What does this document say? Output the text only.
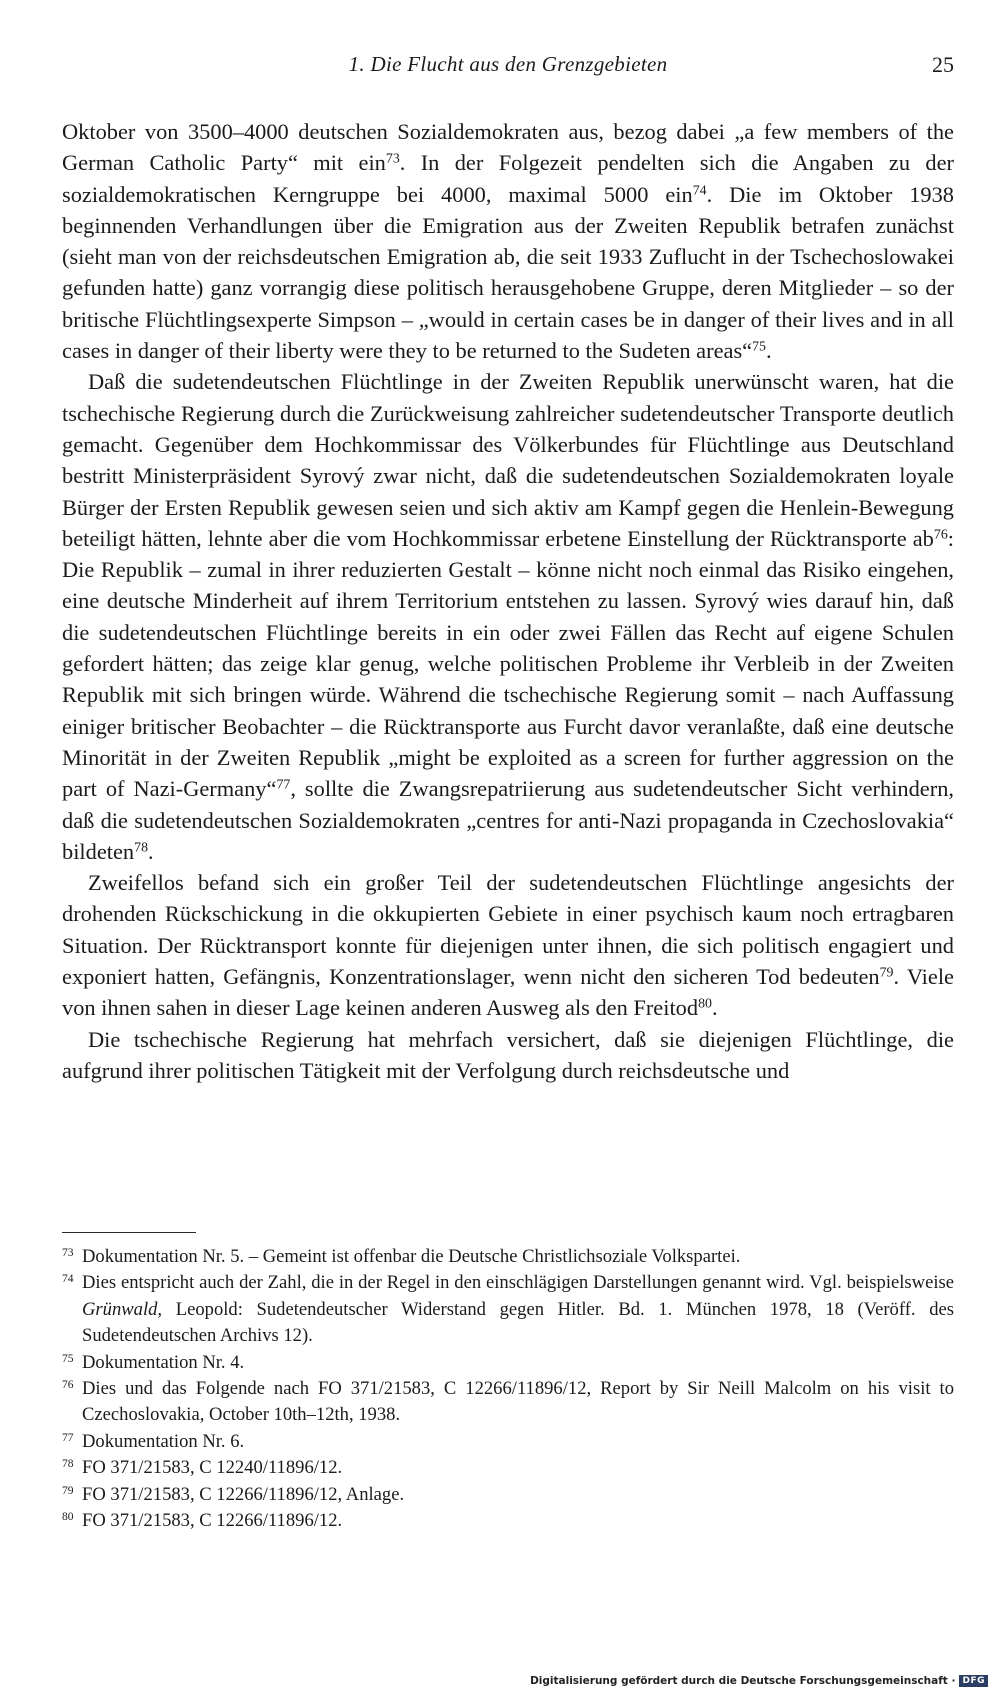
1. Die Flucht aus den Grenzgebieten	25

Oktober von 3500–4000 deutschen Sozialdemokraten aus, bezog dabei „a few members of the German Catholic Party“ mit ein$^{73}$. In der Folgezeit pendelten sich die Angaben zu der sozialdemokratischen Kerngruppe bei 4000, maximal 5000 ein$^{74}$. Die im Oktober 1938 beginnenden Verhandlungen über die Emigration aus der Zweiten Republik betrafen zunächst (sieht man von der reichsdeutschen Emigration ab, die seit 1933 Zuflucht in der Tschechoslowakei gefunden hatte) ganz vorrangig diese politisch herausgehobene Gruppe, deren Mitglieder – so der britische Flüchtlingsexperte Simpson – „would in certain cases be in danger of their lives and in all cases in danger of their liberty were they to be returned to the Sudeten areas“$^{75}$.

Daß die sudetendeutschen Flüchtlinge in der Zweiten Republik unerwünscht waren, hat die tschechische Regierung durch die Zurückweisung zahlreicher sudetendeutscher Transporte deutlich gemacht. Gegenüber dem Hochkommissar des Völkerbundes für Flüchtlinge aus Deutschland bestritt Ministerpräsident Syrový zwar nicht, daß die sudetendeutschen Sozialdemokraten loyale Bürger der Ersten Republik gewesen seien und sich aktiv am Kampf gegen die Henlein-Bewegung beteiligt hätten, lehnte aber die vom Hochkommissar erbetene Einstellung der Rücktransporte $ab^{76}$: Die Republik – zumal in ihrer reduzierten Gestalt – könne nicht noch einmal das Risiko eingehen, eine deutsche Minderheit auf ihrem Territorium entstehen zu lassen. Syrový wies darauf hin, daß die sudetendeutschen Flüchtlinge bereits in ein oder zwei Fällen das Recht auf eigene Schulen gefordert hätten; das zeige klar genug, welche politischen Probleme ihr Verbleib in der Zweiten Republik mit sich bringen würde. Während die tschechische Regierung somit – nach Auffassung einiger britischer Beobachter – die Rücktransporte aus Furcht davor veranlaßte, daß eine deutsche Minorität in der Zweiten Republik „might be exploited as a screen for further aggression on the part of Nazi-Germany“$^{77}$, sollte die Zwangsrepatriierung aus sudetendeutscher Sicht verhindern, daß die sudetendeutschen Sozialdemokraten „centres for anti-Nazi propaganda in Czechoslovakia“ bildeten$^{78}$.

Zweifellos befand sich ein großer Teil der sudetendeutschen Flüchtlinge angesichts der drohenden Rückschickung in die okkupierten Gebiete in einer psychisch kaum noch ertragbaren Situation. Der Rücktransport konnte für diejenigen unter ihnen, die sich politisch engagiert und exponiert hatten, Gefängnis, Konzentrationslager, wenn nicht den sicheren Tod bedeuten$^{79}$. Viele von ihnen sahen in dieser Lage keinen anderen Ausweg als den Freitod$^{80}$.

Die tschechische Regierung hat mehrfach versichert, daß sie diejenigen Flüchtlinge, die aufgrund ihrer politischen Tätigkeit mit der Verfolgung durch reichsdeutsche und

$^{73}$ Dokumentation Nr. 5. – Gemeint ist offenbar die Deutsche Christlichsoziale Volkspartei.

$^{74}$ Dies entspricht auch der Zahl, die in der Regel in den einschlägigen Darstellungen genannt wird. Vgl. beispielsweise Grünwald, Leopold: Sudetendeutscher Widerstand gegen Hitler. Bd. 1. München 1978, 18 (Veröff. des Sudetendeutschen Archivs 12).

$^{75}$ Dokumentation Nr. 4.

$^{76}$ Dies und das Folgende nach FO 371/21583, C 12266/11896/12, Report by Sir Neill Malcolm on his visit to Czechoslovakia, October 10th–12th, 1938.

$^{77}$ Dokumentation Nr. 6.

$^{78}$ FO 371/21583, C 12240/11896/12.

$^{79}$ FO 371/21583, C 12266/11896/12, Anlage.

$^{80}$ FO 371/21583, C 12266/11896/12.

Digitalisierung gefördert durch die Deutsche Forschungsgemeinschaft · DFG
